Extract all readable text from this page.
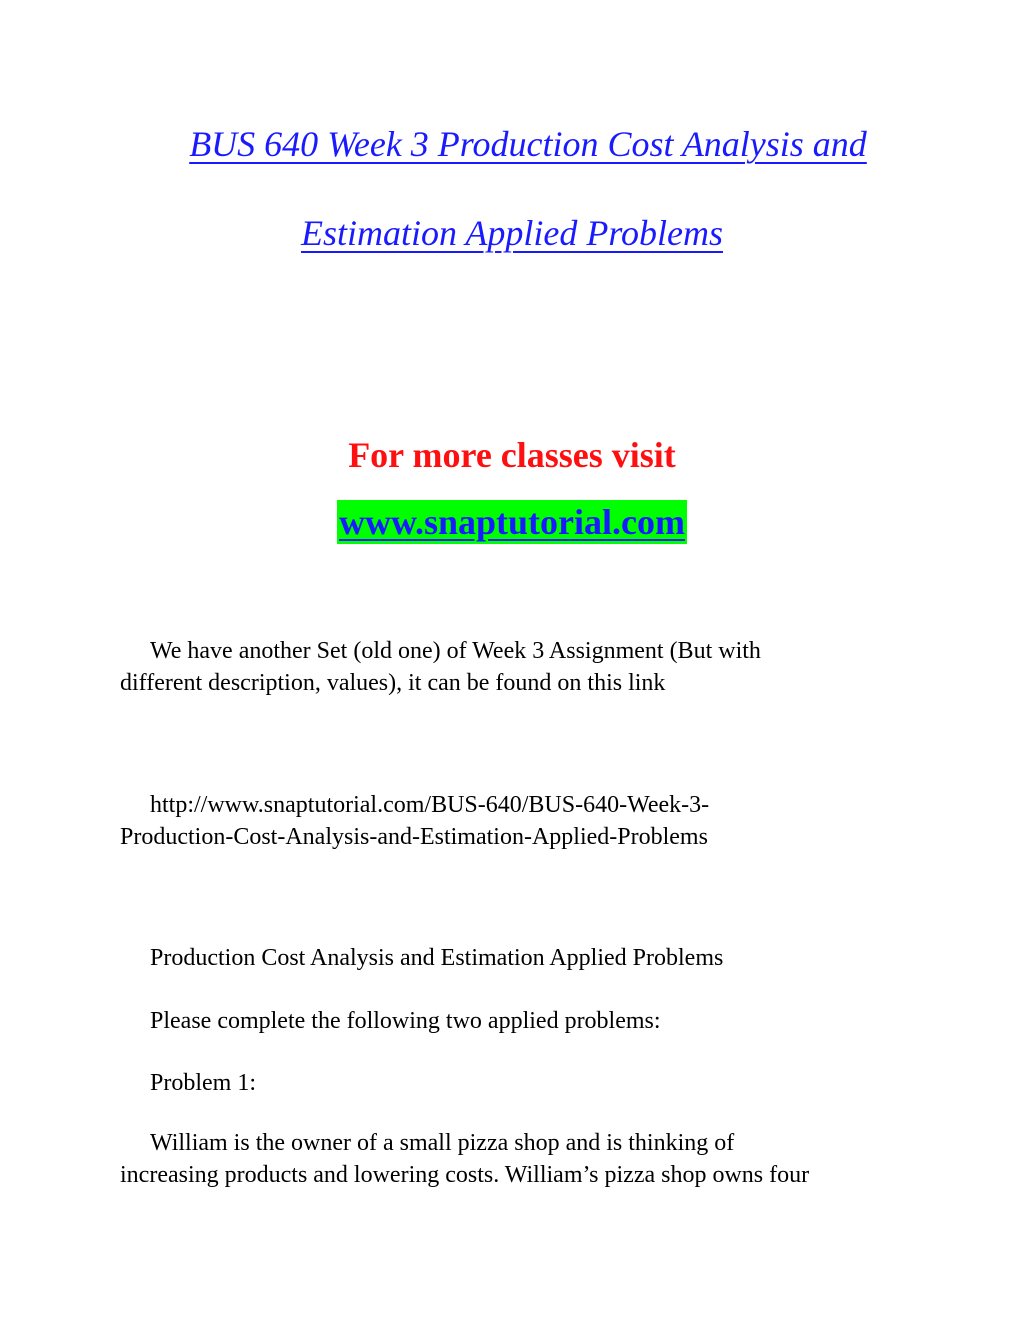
BUS 640 Week 3 Production Cost Analysis and
Estimation Applied Problems
For more classes visit
www.snaptutorial.com
We have another Set (old one) of Week 3 Assignment (But with
different description, values), it can be found on this link
http://www.snaptutorial.com/BUS-640/BUS-640-Week-3-
Production-Cost-Analysis-and-Estimation-Applied-Problems
Production Cost Analysis and Estimation Applied Problems
Please complete the following two applied problems:
Problem 1:
William is the owner of a small pizza shop and is thinking of
increasing products and lowering costs. William’s pizza shop owns four
